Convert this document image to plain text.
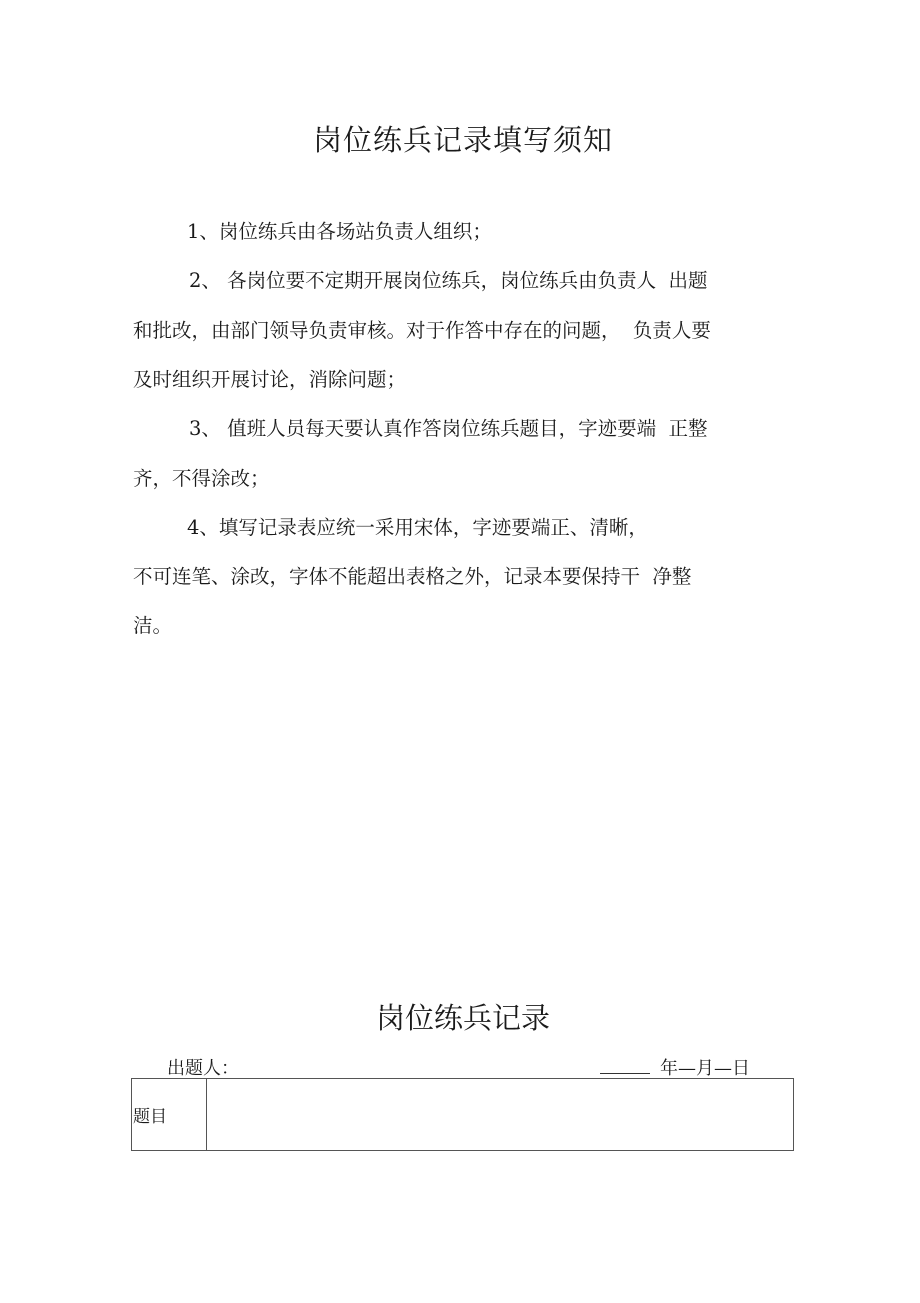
岗位练兵记录填写须知
1、岗位练兵由各场站负责人组织；
2、 各岗位要不定期开展岗位练兵，岗位练兵由负责人  出题
和批改，由部门领导负责审核。对于作答中存在的问题，  负责人要
及时组织开展讨论，消除问题；
3、 值班人员每天要认真作答岗位练兵题目，字迹要端  正整
齐，不得涂改；
4、填写记录表应统一采用宋体，字迹要端正、清晰，
不可连笔、涂改，字体不能超出表格之外，记录本要保持干  净整
洁。
岗位练兵记录
出题人：	年—月—日
题目
